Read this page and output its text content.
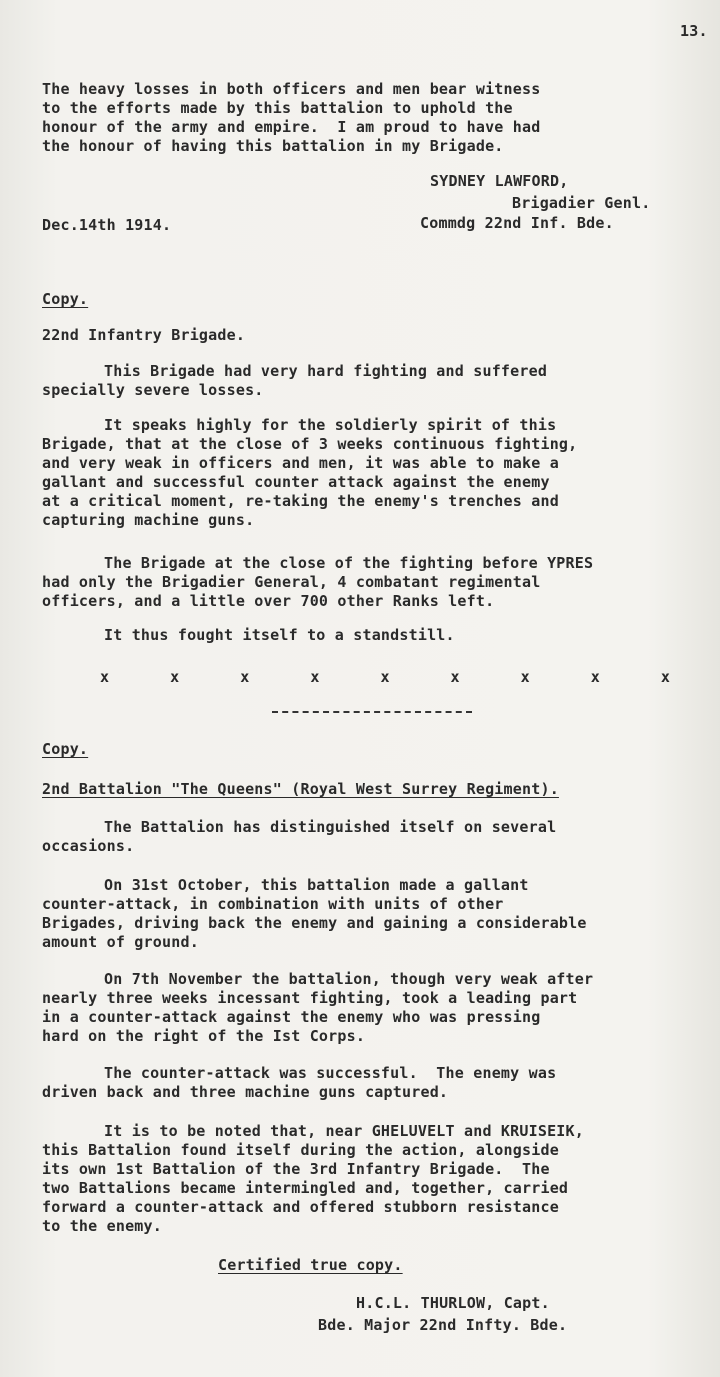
13.
The heavy losses in both officers and men bear witness
to the efforts made by this battalion to uphold the
honour of the army and empire.  I am proud to have had
the honour of having this battalion in my Brigade.
SYDNEY LAWFORD,
Brigadier Genl.
Dec.14th 1914.	Commdg 22nd Inf. Bde.
Copy.
22nd Infantry Brigade.
This Brigade had very hard fighting and suffered
specially severe losses.
It speaks highly for the soldierly spirit of this
Brigade, that at the close of 3 weeks continuous fighting,
and very weak in officers and men, it was able to make a
gallant and successful counter attack against the enemy
at a critical moment, re-taking the enemy's trenches and
capturing machine guns.
The Brigade at the close of the fighting before YPRES
had only the Brigadier General, 4 combatant regimental
officers, and a little over 700 other Ranks left.
It thus fought itself to a standstill.
x	x	x	x	x	x	x	x	x
Copy.
2nd Battalion "The Queens" (Royal West Surrey Regiment).
The Battalion has distinguished itself on several
occasions.
On 31st October, this battalion made a gallant
counter-attack, in combination with units of other
Brigades, driving back the enemy and gaining a considerable
amount of ground.
On 7th November the battalion, though very weak after
nearly three weeks incessant fighting, took a leading part
in a counter-attack against the enemy who was pressing
hard on the right of the Ist Corps.
The counter-attack was successful.  The enemy was
driven back and three machine guns captured.
It is to be noted that, near GHELUVELT and KRUISEIK,
this Battalion found itself during the action, alongside
its own 1st Battalion of the 3rd Infantry Brigade.  The
two Battalions became intermingled and, together, carried
forward a counter-attack and offered stubborn resistance
to the enemy.
Certified true copy.
H.C.L. THURLOW, Capt.
Bde. Major 22nd Infty. Bde.
